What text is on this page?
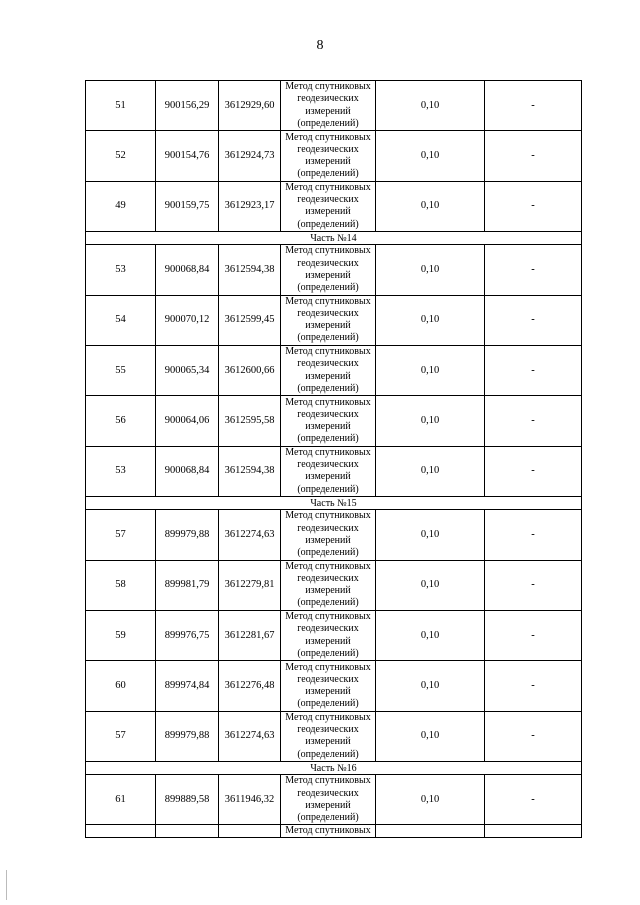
8
51	900156,29	3612929,60	Метод спутниковых
геодезических
измерений
(определений)	0,10	-
52	900154,76	3612924,73	Метод спутниковых
геодезических
измерений
(определений)	0,10	-
49	900159,75	3612923,17	Метод спутниковых
геодезических
измерений
(определений)	0,10	-
Часть №14					
53	900068,84	3612594,38	Метод спутниковых
геодезических
измерений
(определений)	0,10	-
54	900070,12	3612599,45	Метод спутниковых
геодезических
измерений
(определений)	0,10	-
55	900065,34	3612600,66	Метод спутниковых
геодезических
измерений
(определений)	0,10	-
56	900064,06	3612595,58	Метод спутниковых
геодезических
измерений
(определений)	0,10	-
53	900068,84	3612594,38	Метод спутниковых
геодезических
измерений
(определений)	0,10	-
Часть №15					
57	899979,88	3612274,63	Метод спутниковых
геодезических
измерений
(определений)	0,10	-
58	899981,79	3612279,81	Метод спутниковых
геодезических
измерений
(определений)	0,10	-
59	899976,75	3612281,67	Метод спутниковых
геодезических
измерений
(определений)	0,10	-
60	899974,84	3612276,48	Метод спутниковых
геодезических
измерений
(определений)	0,10	-
57	899979,88	3612274,63	Метод спутниковых
геодезических
измерений
(определений)	0,10	-
Часть №16					
61	899889,58	3611946,32	Метод спутниковых
геодезических
измерений
(определений)	0,10	-
			Метод спутниковых		
